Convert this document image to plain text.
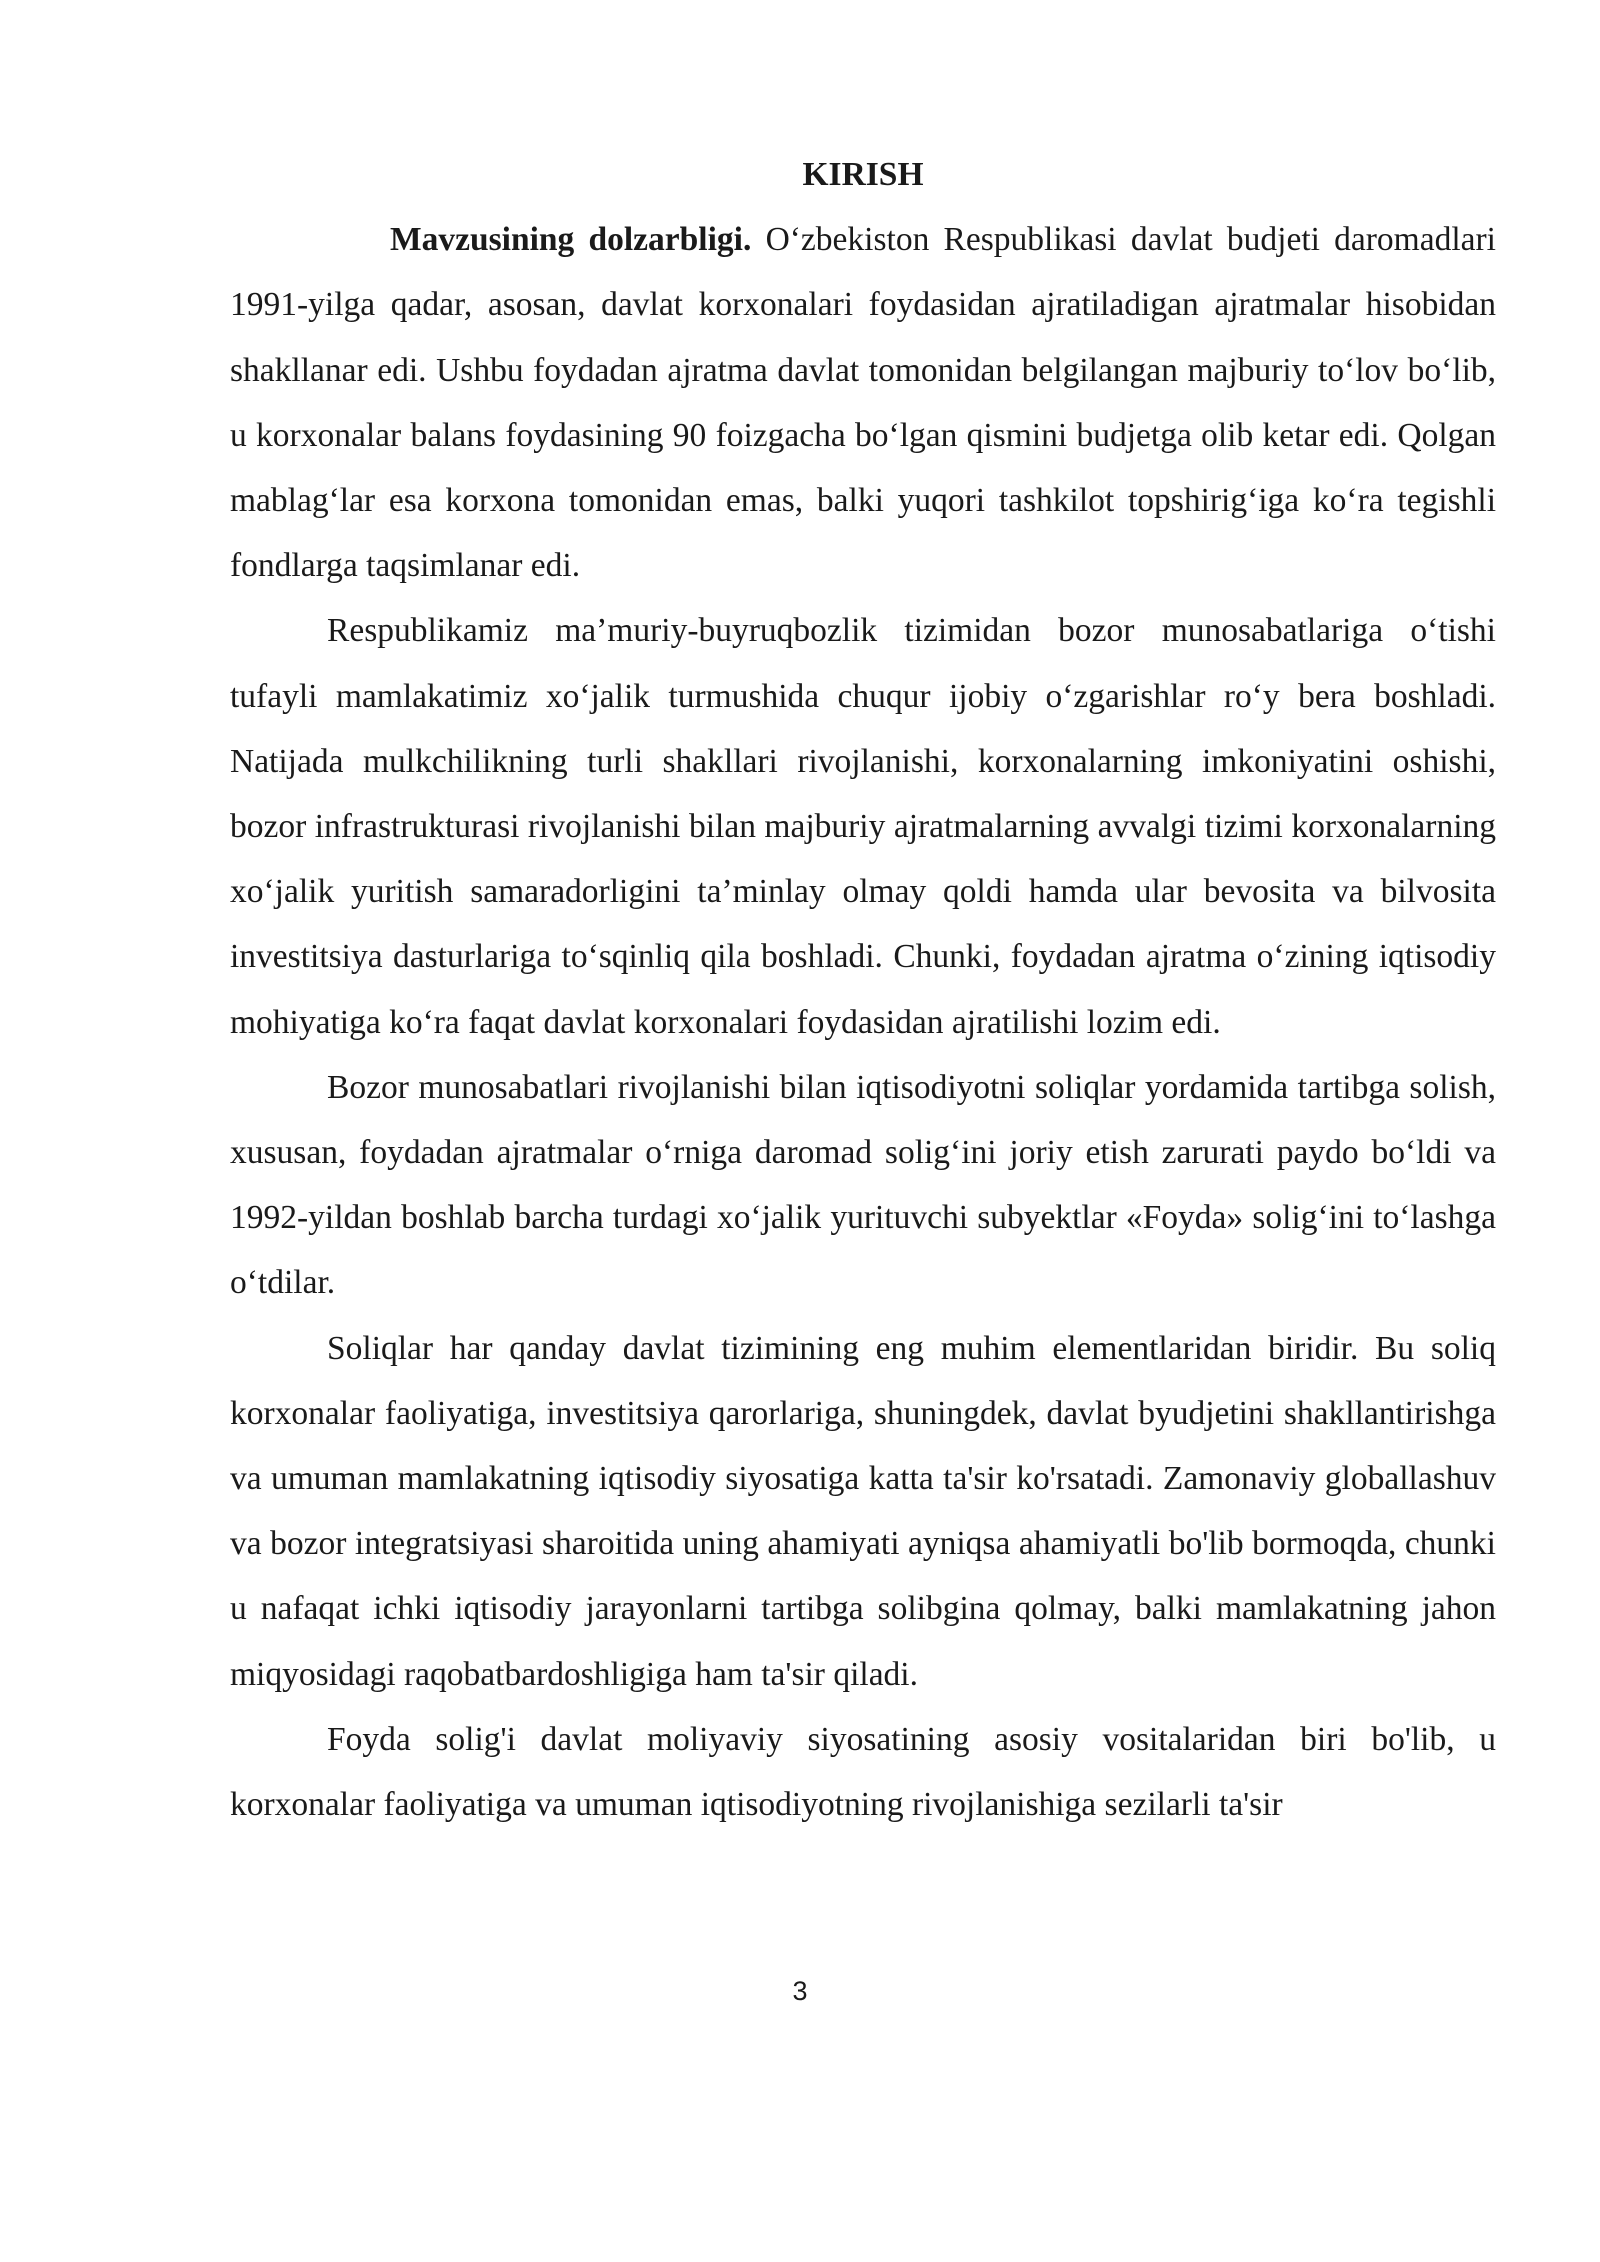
KIRISH

Mavzusining dolzarbligi. O‘zbekiston Respublikasi davlat budjeti daromadlari 1991-yilga qadar, asosan, davlat korxonalari foydasidan ajratiladigan ajratmalar hisobidan shakllanar edi. Ushbu foydadan ajratma davlat tomonidan belgilangan majburiy to‘lov bo‘lib, u korxonalar balans foydasining 90 foizgacha bo‘lgan qismini budjetga olib ketar edi. Qolgan mablag‘lar esa korxona tomonidan emas, balki yuqori tashkilot topshirig‘iga ko‘ra tegishli fondlarga taqsimlanar edi.

Respublikamiz ma’muriy-buyruqbozlik tizimidan bozor munosabatlariga o‘tishi tufayli mamlakatimiz xo‘jalik turmushida chuqur ijobiy o‘zgarishlar ro‘y bera boshladi. Natijada mulkchilikning turli shakllari rivojlanishi, korxonalarning imkoniyatini oshishi, bozor infrastrukturasi rivojlanishi bilan majburiy ajratmalarning avvalgi tizimi korxonalarning xo‘jalik yuritish samaradorligini ta’minlay olmay qoldi hamda ular bevosita va bilvosita investitsiya dasturlariga to‘sqinliq qila boshladi. Chunki, foydadan ajratma o‘zining iqtisodiy mohiyatiga ko‘ra faqat davlat korxonalari foydasidan ajratilishi lozim edi.

Bozor munosabatlari rivojlanishi bilan iqtisodiyotni soliqlar yordamida tartibga solish, xususan, foydadan ajratmalar o‘rniga daromad solig‘ini joriy etish zarurati paydo bo‘ldi va 1992-yildan boshlab barcha turdagi xo‘jalik yurituvchi subyektlar «Foyda» solig‘ini to‘lashga o‘tdilar.

Soliqlar har qanday davlat tizimining eng muhim elementlaridan biridir. Bu soliq korxonalar faoliyatiga, investitsiya qarorlariga, shuningdek, davlat byudjetini shakllantirishga va umuman mamlakatning iqtisodiy siyosatiga katta ta'sir ko'rsatadi. Zamonaviy globallashuv va bozor integratsiyasi sharoitida uning ahamiyati ayniqsa ahamiyatli bo'lib bormoqda, chunki u nafaqat ichki iqtisodiy jarayonlarni tartibga solibgina qolmay, balki mamlakatning jahon miqyosidagi raqobatbardoshligiga ham ta'sir qiladi.

Foyda solig'i davlat moliyaviy siyosatining asosiy vositalaridan biri bo'lib, u korxonalar faoliyatiga va umuman iqtisodiyotning rivojlanishiga sezilarli ta'sir

3
